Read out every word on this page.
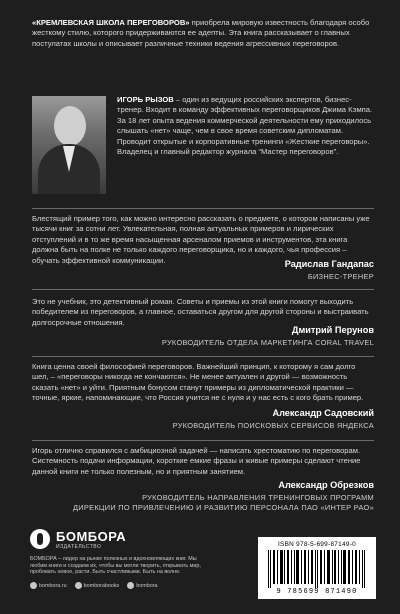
«КРЕМЛЕВСКАЯ ШКОЛА ПЕРЕГОВОРОВ» приобрела мировую известность благодаря особо жесткому стилю, которого придерживаются ее адепты. Эта книга рассказывает о главных постулатах школы и описывает различные техники ведения агрессивных переговоров.

ИГОРЬ РЫЗОВ – один из ведущих российских экспертов, бизнес-тренер. Входит в команду эффективных переговорщиков Джима Кэмпа. За 18 лет опыта ведения коммерческой деятельности ему приходилось слышать «нет» чаще, чем в свое время советским дипломатам. Проводит открытые и корпоративные тренинги «Жесткие переговоры». Владелец и главный редактор журнала “Мастер переговоров”.

Блестящий пример того, как можно интересно рассказать о предмете, о котором написаны уже тысячи книг за сотни лет. Увлекательная, полная актуальных примеров и лирических отступлений и в то же время насыщенная арсеналом приемов и инструментов, эта книга должна быть на полке не только каждого переговорщика, но и каждого, чья профессия – обучать эффективной коммуникации.	Радислав Гандапас

БИЗНЕС-ТРЕНЕР

Это не учебник, это детективный роман. Советы и приемы из этой книги помогут выходить победителем из переговоров, а главное, оставаться другом для другой стороны и выстраивать долгосрочные отношения.

Дмитрий Перунов

РУКОВОДИТЕЛЬ ОТДЕЛА МАРКЕТИНГА CORAL TRAVEL

Книга ценна своей философией переговоров. Важнейший принцип, к которому я сам долго шел, – «переговоры никогда не кончаются». Не менее актуален и другой — возможность сказать «нет» и уйти. Приятным бонусом станут примеры из дипломатической практики — точные, яркие, напоминающие, что Россия учится не с нуля и у нас есть с кого брать пример.

Александр Садовский

РУКОВОДИТЕЛЬ ПОИСКОВЫХ СЕРВИСОВ ЯНДЕКСА

Игорь отлично справился с амбициозной задачей — написать хрестоматию по переговорам. Системность подачи информации, короткие емкие фразы и живые примеры сделают чтение данной книги не только полезным, но и приятным занятием.

Александр Обрезков

РУКОВОДИТЕЛЬ НАПРАВЛЕНИЯ ТРЕНИНГОВЫХ ПРОГРАММ

ДИРЕКЦИИ ПО ПРИВЛЕЧЕНИЮ И РАЗВИТИЮ ПЕРСОНАЛА ПАО «ИНТЕР РАО»

БОМБОРА
ИЗДАТЕЛЬСТВО

БОМБОРА – лидер на рынке полезных и вдохновляющих книг. Мы любим книги и создаем их, чтобы вы могли творить, открывать мир, пробовать новое, расти. Быть счастливыми. Быть на волне.

bombora.ru	bomborabooks	bombora
ISBN 978-5-699-87149-0
9 785699 871490
